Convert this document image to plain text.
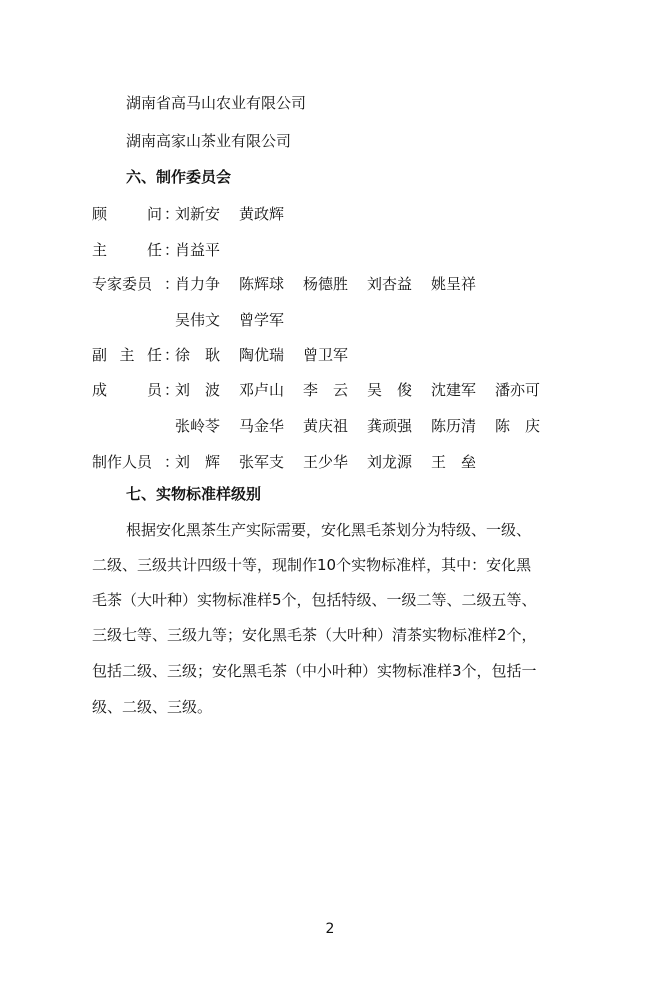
湖南省高马山农业有限公司
湖南高家山茶业有限公司
六、制作委员会
顾	问 ：
刘新安	黄政辉
主	任 ：
肖益平
专家委员 ：
肖力争	陈辉球	杨德胜	刘杏益	姚呈祥
吴伟文	曾学军
副 主 任 ：
徐　耿	陶优瑞	曾卫军
成	员 ：
刘　波	邓卢山	李　云	吴　俊	沈建军	潘亦可
张岭苓	马金华	黄庆祖	龚顽强	陈历清	陈　庆
制作人员 ：
刘　辉	张军支	王少华	刘龙源	王　垒
七、实物标准样级别
根据安化黑茶生产实际需要，安化黑毛茶划分为特级、一级、
二级、三级共计四级十等，现制作10个实物标准样，其中：安化黑
毛茶（大叶种）实物标准样5个，包括特级、一级二等、二级五等、
三级七等、三级九等；安化黑毛茶（大叶种）清茶实物标准样2个，
包括二级、三级；安化黑毛茶（中小叶种）实物标准样3个，包括一
级、二级、三级。
2
